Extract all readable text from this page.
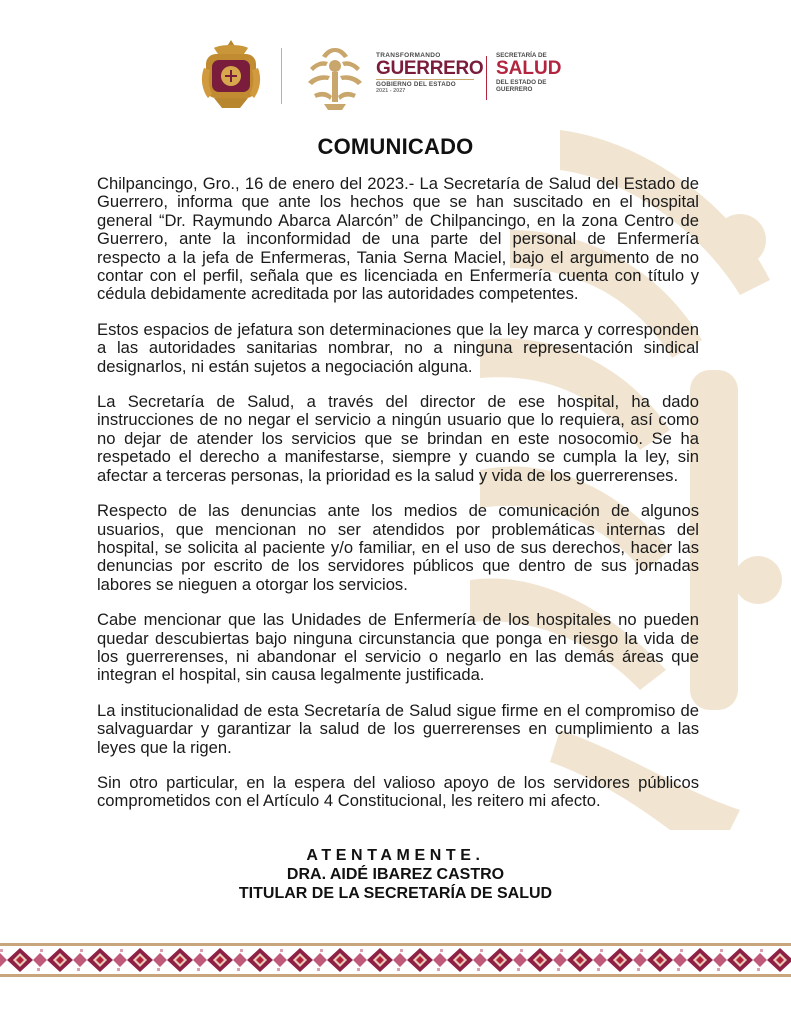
TRANSFORMANDO
GUERRERO
GOBIERNO DEL ESTADO
2021 - 2027
SECRETARÍA DE
SALUD
DEL ESTADO DE
GUERRERO
COMUNICADO

Chilpancingo, Gro., 16 de enero del 2023.- La Secretaría de Salud del Estado de Guerrero, informa que ante los hechos que se han suscitado en el hospital general “Dr. Raymundo Abarca Alarcón” de Chilpancingo, en la zona Centro de Guerrero, ante la inconformidad de una parte del personal de Enfermería respecto a la jefa de Enfermeras, Tania Serna Maciel, bajo el argumento de no contar con el perfil, señala que es licenciada en Enfermería cuenta con título y cédula debidamente acreditada por las autoridades competentes.

Estos espacios de jefatura son determinaciones que la ley marca y corresponden a las autoridades sanitarias nombrar, no a ninguna representación sindical designarlos, ni están sujetos a negociación alguna.

La Secretaría de Salud, a través del director de ese hospital, ha dado instrucciones de no negar el servicio a ningún usuario que lo requiera, así como no dejar de atender los servicios que se brindan en este nosocomio. Se ha respetado el derecho a manifestarse, siempre y cuando se cumpla la ley, sin afectar a terceras personas, la prioridad es la salud y vida de los guerrerenses.

Respecto de las denuncias ante los medios de comunicación de algunos usuarios, que mencionan no ser atendidos por problemáticas internas del hospital, se solicita al paciente y/o familiar, en el uso de sus derechos, hacer las denuncias por escrito de los servidores públicos que dentro de sus jornadas labores se nieguen a otorgar los servicios.

Cabe mencionar que las Unidades de Enfermería de los hospitales no pueden quedar descubiertas bajo ninguna circunstancia que ponga en riesgo la vida de los guerrerenses, ni abandonar el servicio o negarlo en las demás áreas que integran el hospital, sin causa legalmente justificada.

La institucionalidad de esta Secretaría de Salud sigue firme en el compromiso de salvaguardar y garantizar la salud de los guerrerenses en cumplimiento a las leyes que la rigen.

Sin otro particular, en la espera del valioso apoyo de los servidores públicos comprometidos con el Artículo 4 Constitucional, les reitero mi afecto.

ATENTAMENTE.
DRA. AIDÉ IBAREZ CASTRO
TITULAR DE LA SECRETARÍA DE SALUD
